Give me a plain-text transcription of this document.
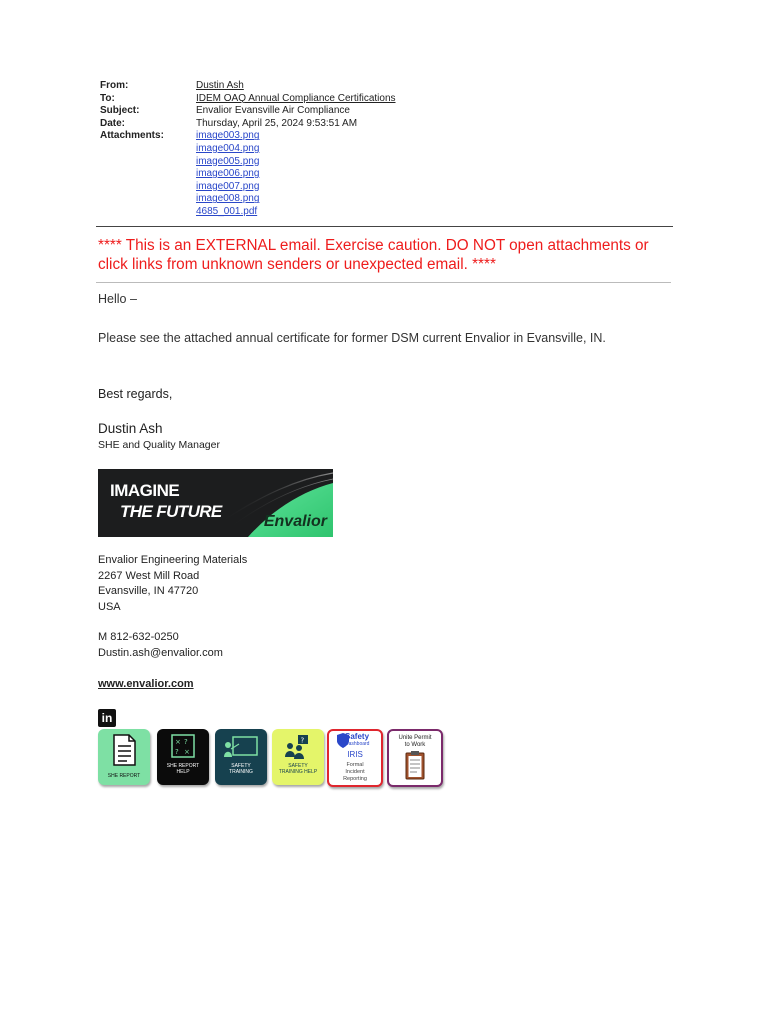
From:	Dustin Ash
To:	IDEM OAQ Annual Compliance Certifications
Subject:	Envalior Evansville Air Compliance
Date:	Thursday, April 25, 2024 9:53:51 AM
Attachments:	image003.png
image004.png
image005.png
image006.png
image007.png
image008.png
4685_001.pdf
**** This is an EXTERNAL email. Exercise caution. DO NOT open attachments or click links from unknown senders or unexpected email. ****
Hello –
Please see the attached annual certificate for former DSM current Envalior in Evansville, IN.
Best regards,
Dustin Ash
SHE and Quality Manager
IMAGINE
THE FUTURE
Envalior
Envalior Engineering Materials
2267 West Mill Road
Evansville, IN 47720
USA
M 812-632-0250
Dustin.ash@envalior.com
www.envalior.com
in
SHE REPORT
× ?
? ×
SHE REPORT
HELP
SAFETY
TRAINING
?
SAFETY
TRAINING HELP
Safety
Dashboard
IRIS
Formal
Incident
Reporting
Unite Permit
to Work
